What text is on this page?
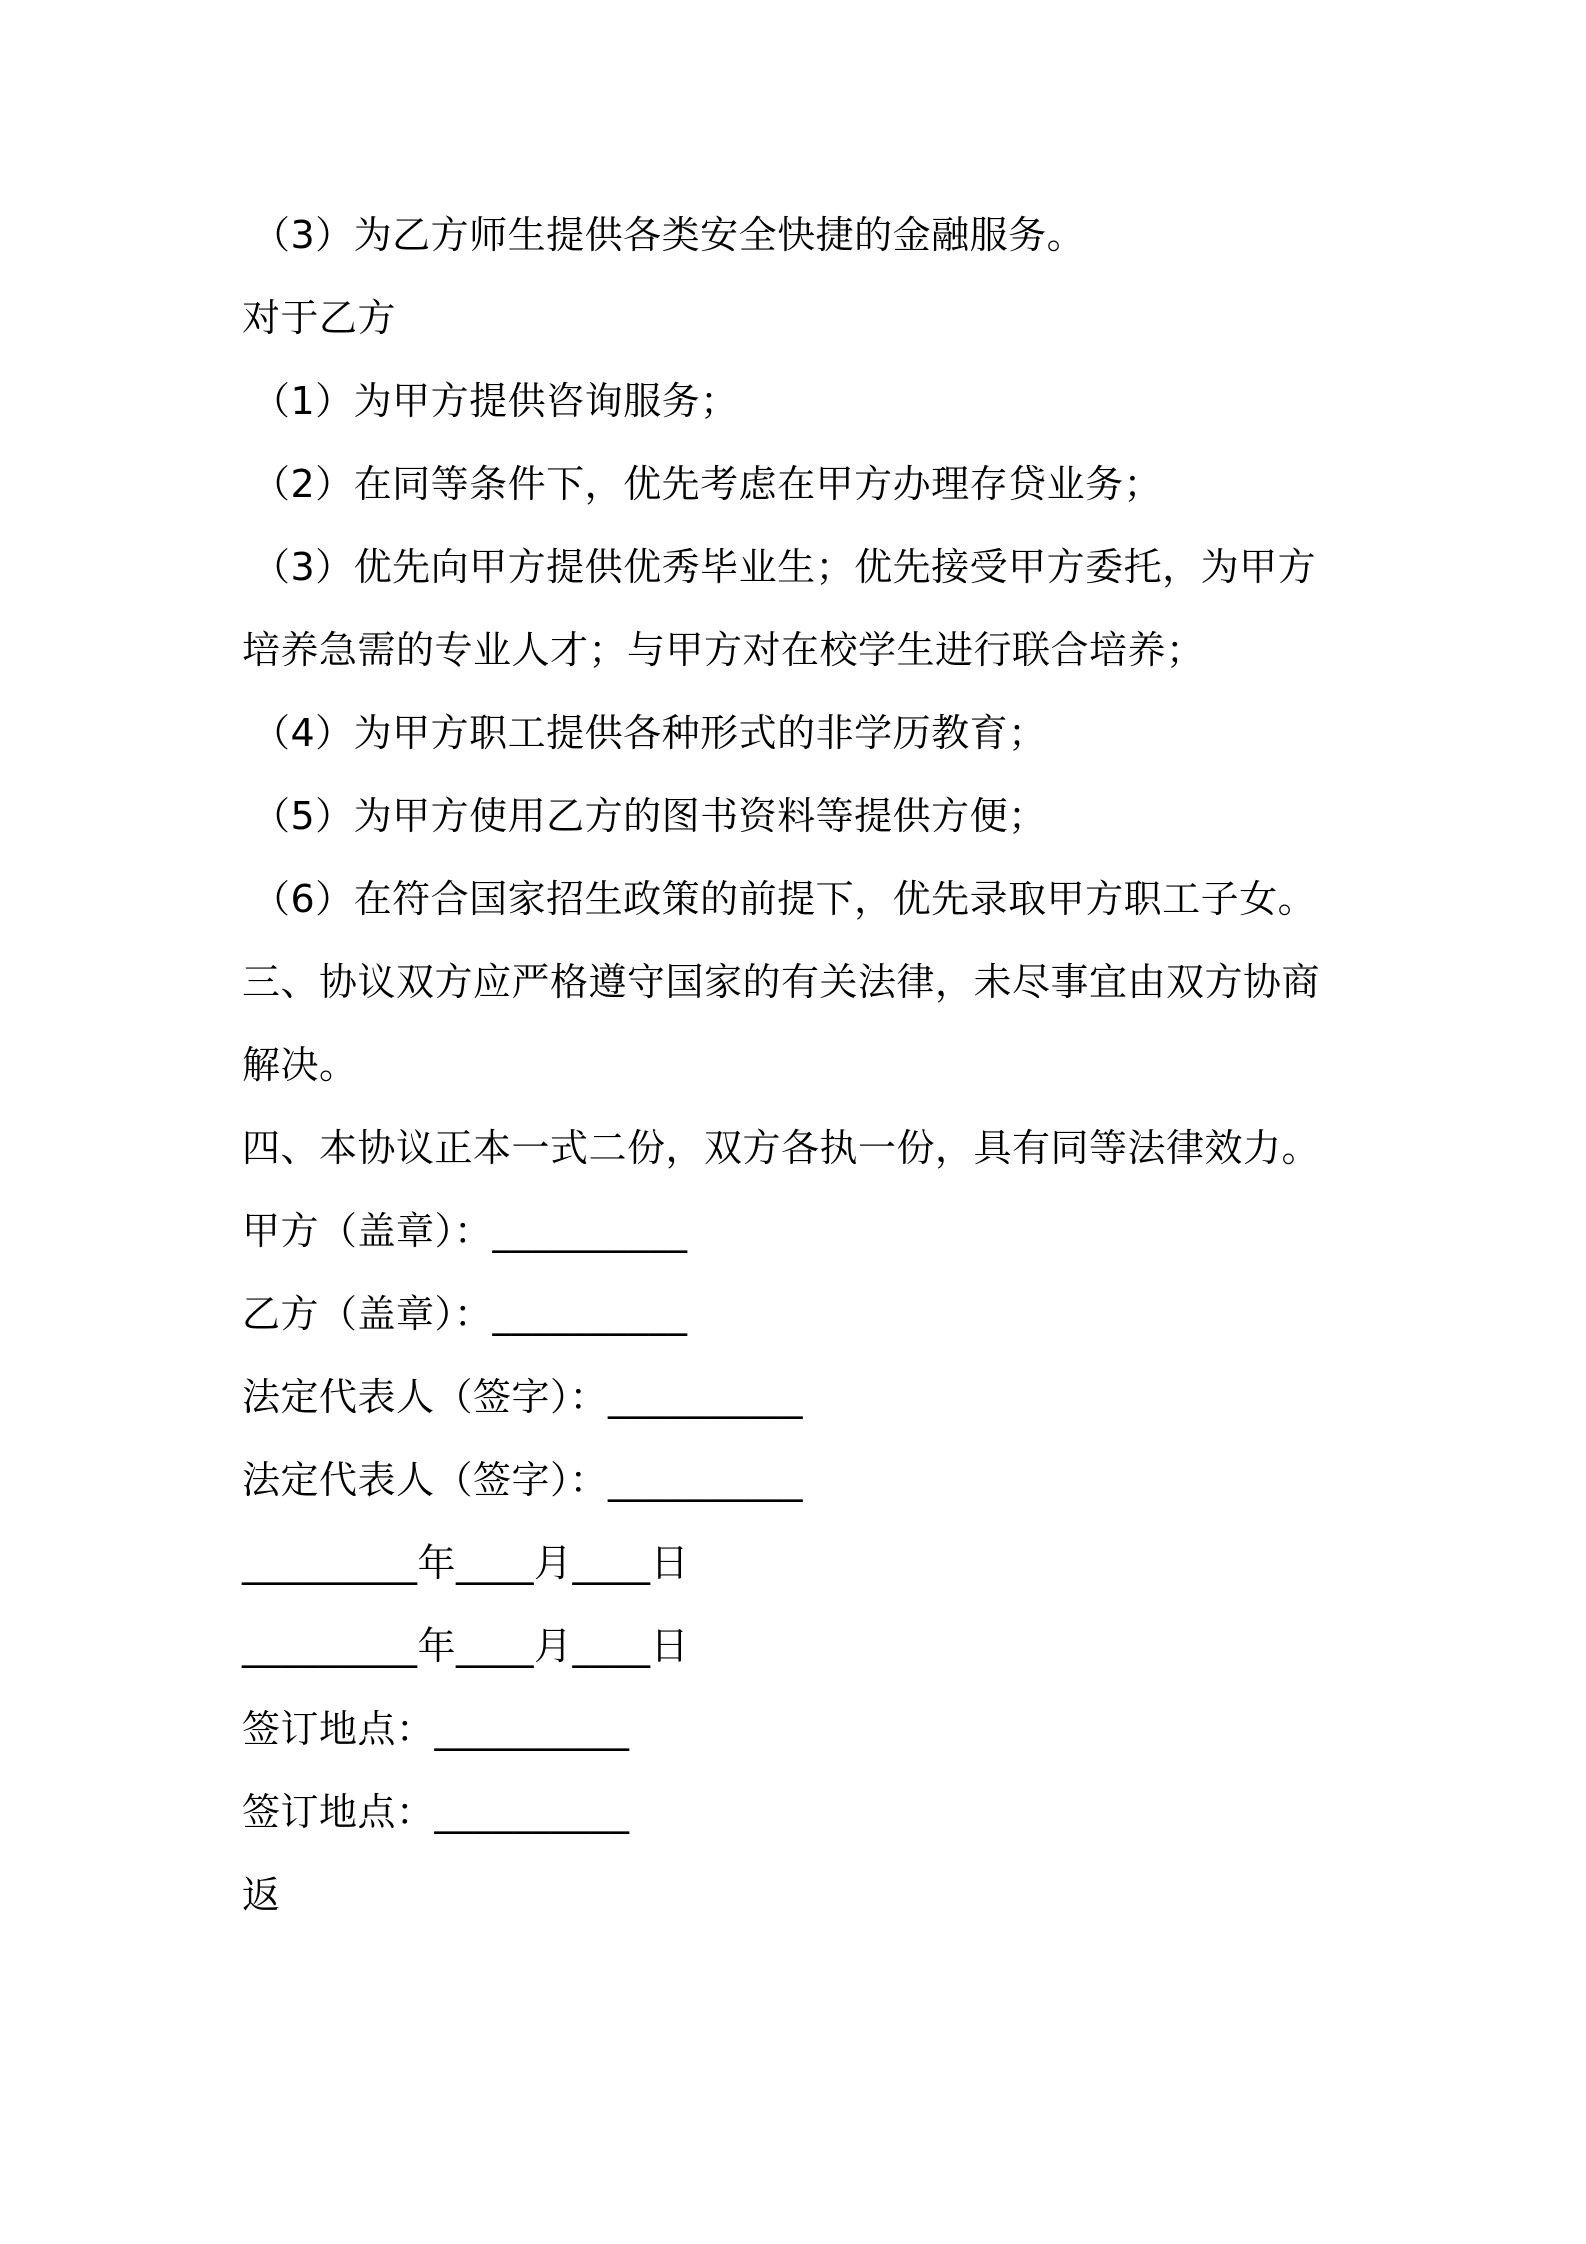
（3）为乙方师生提供各类安全快捷的金融服务。
对于乙方
（1）为甲方提供咨询服务；
（2）在同等条件下，优先考虑在甲方办理存贷业务；
（3）优先向甲方提供优秀毕业生；优先接受甲方委托，为甲方
培养急需的专业人才；与甲方对在校学生进行联合培养；
（4）为甲方职工提供各种形式的非学历教育；
（5）为甲方使用乙方的图书资料等提供方便；
（6）在符合国家招生政策的前提下，优先录取甲方职工子女。
三、协议双方应严格遵守国家的有关法律，未尽事宜由双方协商
解决。
四、本协议正本一式二份，双方各执一份，具有同等法律效力。
甲方（盖章）：__________
乙方（盖章）：__________
法定代表人（签字）：__________
法定代表人（签字）：__________
_________年____月____日
_________年____月____日
签订地点：__________
签订地点：__________
返
